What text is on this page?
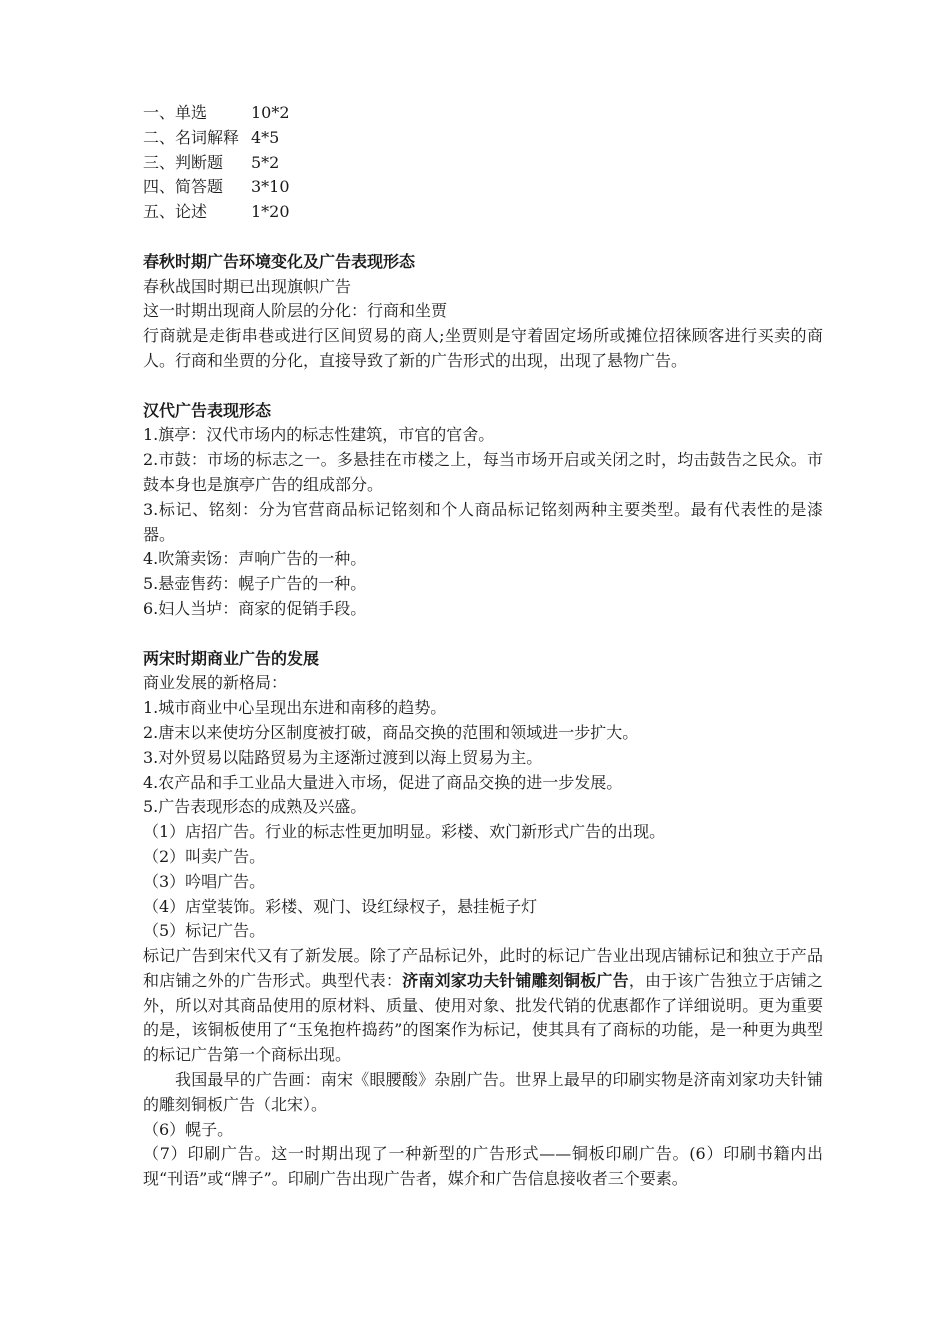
一、单选	10*2
二、名词解释 4*5
三、判断题	5*2
四、简答题	3*10
五、论述	1*20
春秋时期广告环境变化及广告表现形态
春秋战国时期已出现旗帜广告
这一时期出现商人阶层的分化：行商和坐贾
行商就是走街串巷或进行区间贸易的商人;坐贾则是守着固定场所或摊位招徕顾客进行买卖的商人。行商和坐贾的分化，直接导致了新的广告形式的出现，出现了悬物广告。
汉代广告表现形态
1.旗亭：汉代市场内的标志性建筑，市官的官舍。
2.市鼓：市场的标志之一。多悬挂在市楼之上，每当市场开启或关闭之时，均击鼓告之民众。市鼓本身也是旗亭广告的组成部分。
3.标记、铭刻：分为官营商品标记铭刻和个人商品标记铭刻两种主要类型。最有代表性的是漆器。
4.吹箫卖饧：声响广告的一种。
5.悬壶售药：幌子广告的一种。
6.妇人当垆：商家的促销手段。
两宋时期商业广告的发展
商业发展的新格局：
1.城市商业中心呈现出东进和南移的趋势。
2.唐末以来使坊分区制度被打破，商品交换的范围和领域进一步扩大。
3.对外贸易以陆路贸易为主逐渐过渡到以海上贸易为主。
4.农产品和手工业品大量进入市场，促进了商品交换的进一步发展。
5.广告表现形态的成熟及兴盛。
（1）店招广告。行业的标志性更加明显。彩楼、欢门新形式广告的出现。
（2）叫卖广告。
（3）吟唱广告。
（4）店堂装饰。彩楼、观门、设红绿杈子，悬挂栀子灯
（5）标记广告。
标记广告到宋代又有了新发展。除了产品标记外，此时的标记广告业出现店铺标记和独立于产品和店铺之外的广告形式。典型代表：济南刘家功夫针铺雕刻铜板广告，由于该广告独立于店铺之外，所以对其商品使用的原材料、质量、使用对象、批发代销的优惠都作了详细说明。更为重要的是，该铜板使用了“玉兔抱杵捣药”的图案作为标记，使其具有了商标的功能，是一种更为典型的标记广告第一个商标出现。
我国最早的广告画：南宋《眼腰酸》杂剧广告。世界上最早的印刷实物是济南刘家功夫针铺的雕刻铜板广告（北宋）。
（6）幌子。
（7）印刷广告。这一时期出现了一种新型的广告形式——铜板印刷广告。(6）印刷书籍内出现“刊语”或“牌子”。印刷广告出现广告者，媒介和广告信息接收者三个要素。
